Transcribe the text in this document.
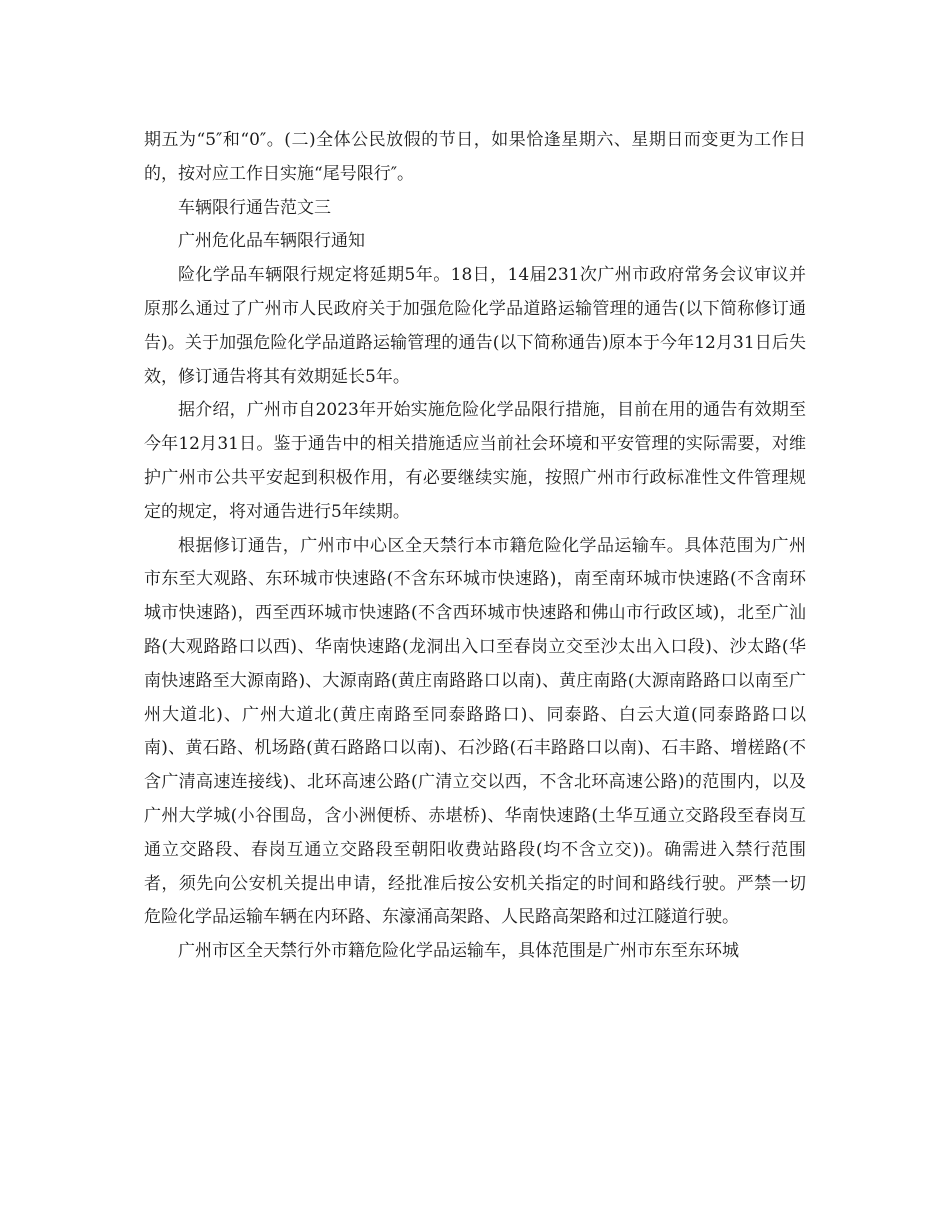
期五为“5″和“0″。(二)全体公民放假的节日，如果恰逢星期六、星期日而变更为工作日的，按对应工作日实施“尾号限行″。

车辆限行通告范文三

广州危化品车辆限行通知

险化学品车辆限行规定将延期5年。18日，14届231次广州市政府常务会议审议并原那么通过了广州市人民政府关于加强危险化学品道路运输管理的通告(以下简称修订通告)。关于加强危险化学品道路运输管理的通告(以下简称通告)原本于今年12月31日后失效，修订通告将其有效期延长5年。

据介绍，广州市自2023年开始实施危险化学品限行措施，目前在用的通告有效期至今年12月31日。鉴于通告中的相关措施适应当前社会环境和平安管理的实际需要，对维护广州市公共平安起到积极作用，有必要继续实施，按照广州市行政标准性文件管理规定的规定，将对通告进行5年续期。

根据修订通告，广州市中心区全天禁行本市籍危险化学品运输车。具体范围为广州市东至大观路、东环城市快速路(不含东环城市快速路)，南至南环城市快速路(不含南环城市快速路)，西至西环城市快速路(不含西环城市快速路和佛山市行政区域)，北至广汕路(大观路路口以西)、华南快速路(龙洞出入口至春岗立交至沙太出入口段)、沙太路(华南快速路至大源南路)、大源南路(黄庄南路路口以南)、黄庄南路(大源南路路口以南至广州大道北)、广州大道北(黄庄南路至同泰路路口)、同泰路、白云大道(同泰路路口以南)、黄石路、机场路(黄石路路口以南)、石沙路(石丰路路口以南)、石丰路、增槎路(不含广清高速连接线)、北环高速公路(广清立交以西，不含北环高速公路)的范围内，以及广州大学城(小谷围岛，含小洲便桥、赤堪桥)、华南快速路(土华互通立交路段至春岗互通立交路段、春岗互通立交路段至朝阳收费站路段(均不含立交))。确需进入禁行范围者，须先向公安机关提出申请，经批准后按公安机关指定的时间和路线行驶。严禁一切危险化学品运输车辆在内环路、东濠涌高架路、人民路高架路和过江隧道行驶。

广州市区全天禁行外市籍危险化学品运输车，具体范围是广州市东至东环城
